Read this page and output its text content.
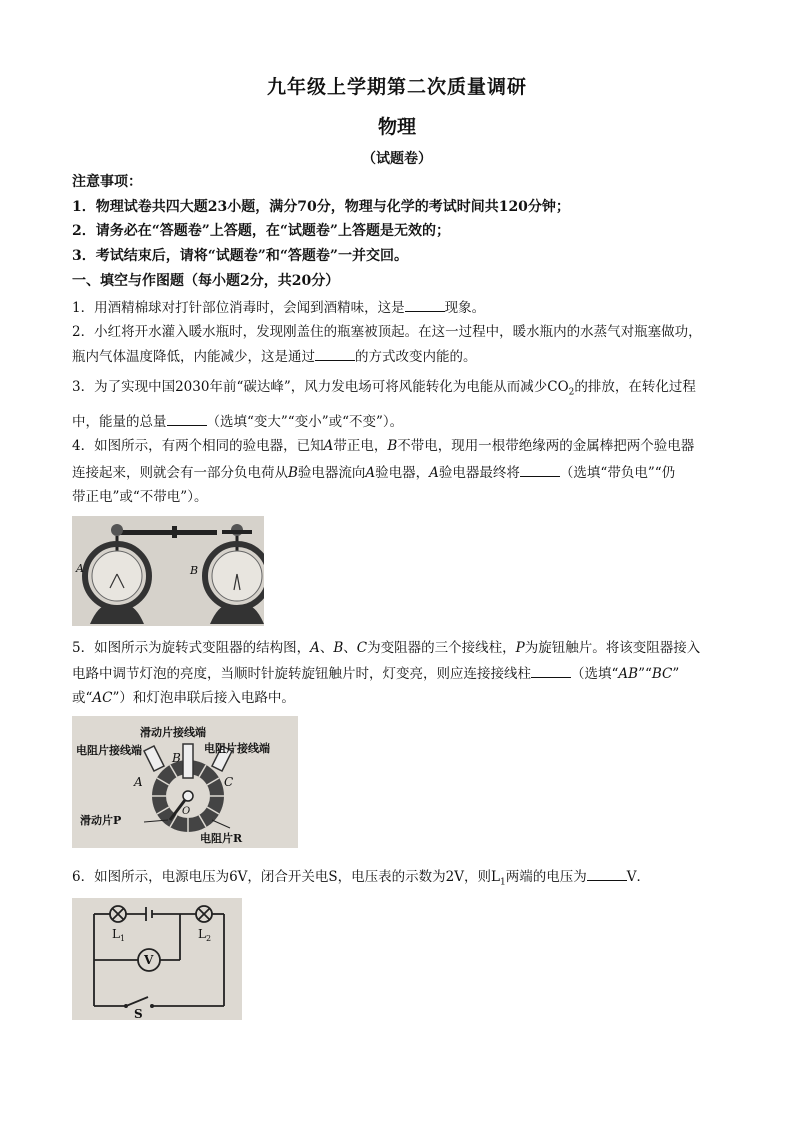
九年级上学期第二次质量调研
物理
（试题卷）
注意事项：
1．物理试卷共四大题23小题，满分70分，物理与化学的考试时间共120分钟；
2．请务必在“答题卷”上答题，在“试题卷”上答题是无效的；
3．考试结束后，请将“试题卷”和“答题卷”一并交回。
一、填空与作图题（每小题2分，共20分）
1．用酒精棉球对打针部位消毒时，会闻到酒精味，这是	现象。
2．小红将开水灌入暖水瓶时，发现刚盖住的瓶塞被顶起。在这一过程中，暖水瓶内的水蒸气对瓶塞做功，
瓶内气体温度降低，内能减少，这是通过	的方式改变内能的。
3．为了实现中国2030年前“碳达峰”，风力发电场可将风能转化为电能从而减少$CO_2$的排放，在转化过程
中，能量的总量	（选填“变大”“变小”或“不变”）。
4．如图所示，有两个相同的验电器，已知A带正电，B不带电，现用一根带绝缘两的金属棒把两个验电器
连接起来，则就会有一部分负电荷从B验电器流向A验电器，A验电器最终将	（选填“带负电”“仍
带正电”或“不带电”）。
A	B
5．如图所示为旋转式变阻器的结构图，A、B、C为变阻器的三个接线柱，P为旋钮触片。将该变阻器接入
电路中调节灯泡的亮度，当顺时针旋转旋钮触片时，灯变亮，则应连接接线柱	（选填“AB”“BC”
或“AC”）和灯泡串联后接入电路中。
滑动片接线端
电阻片接线端	电阻片接线端
A
B
C
O
滑动片P
电阻片R
6．如图所示，电源电压为6V，闭合开关电S，电压表的示数为2V，则$L_1$两端的电压为	V．
V
$L_1$	$L_2$
S
